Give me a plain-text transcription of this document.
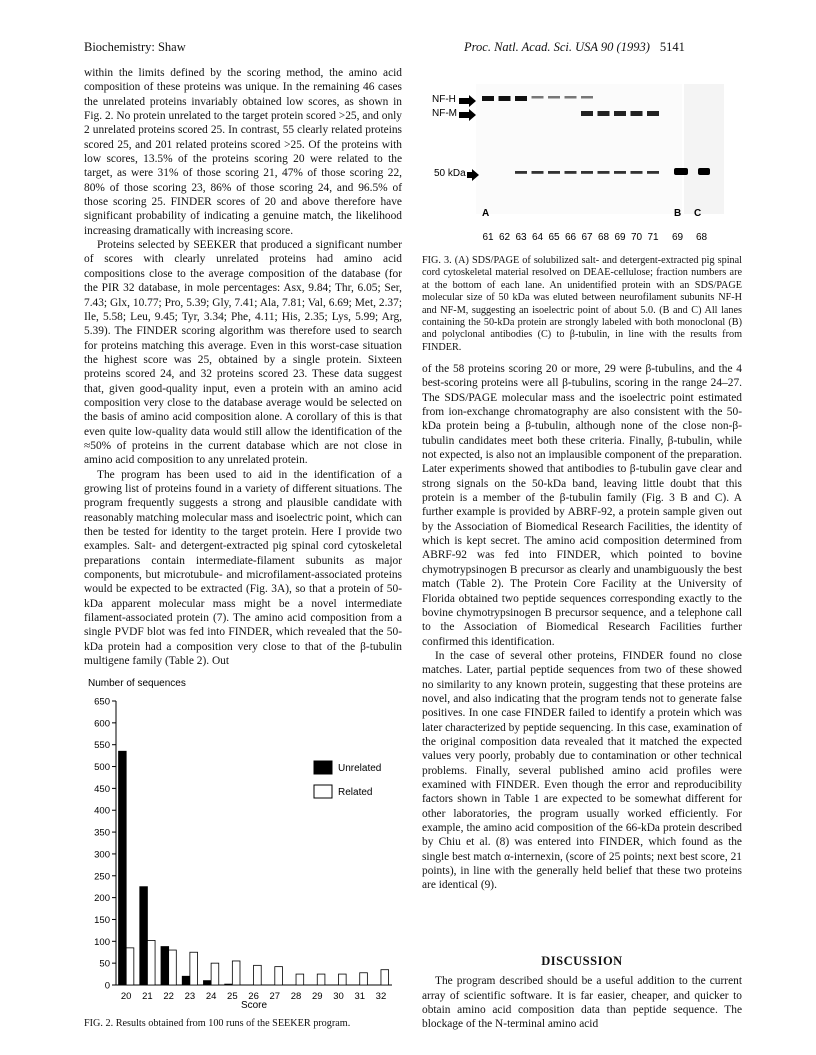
Biochemistry: Shaw	Proc. Natl. Acad. Sci. USA 90 (1993) 5141

within the limits defined by the scoring method, the amino acid composition of these proteins was unique. In the remaining 46 cases the unrelated proteins invariably obtained low scores, as shown in Fig. 2. No protein unrelated to the target protein scored >25, and only 2 unrelated proteins scored 25. In contrast, 55 clearly related proteins scored 25, and 201 related proteins scored >25. Of the proteins with low scores, 13.5% of the proteins scoring 20 were related to the target, as were 31% of those scoring 21, 47% of those scoring 22, 80% of those scoring 23, 86% of those scoring 24, and 96.5% of those scoring 25. FINDER scores of 20 and above therefore have significant probability of indicating a genuine match, the likelihood increasing dramatically with increasing score.

Proteins selected by SEEKER that produced a significant number of scores with clearly unrelated proteins had amino acid compositions close to the average composition of the database (for the PIR 32 database, in mole percentages: Asx, 9.84; Thr, 6.05; Ser, 7.43; Glx, 10.77; Pro, 5.39; Gly, 7.41; Ala, 7.81; Val, 6.69; Met, 2.37; Ile, 5.58; Leu, 9.45; Tyr, 3.34; Phe, 4.11; His, 2.35; Lys, 5.99; Arg, 5.39). The FINDER scoring algorithm was therefore used to search for proteins matching this average. Even in this worst-case situation the highest score was 25, obtained by a single protein. Sixteen proteins scored 24, and 32 proteins scored 23. These data suggest that, given good-quality input, even a protein with an amino acid composition very close to the database average would be selected on the basis of amino acid composition alone. A corollary of this is that even quite low-quality data would still allow the identification of the ≈50% of proteins in the current database which are not close in amino acid composition to any unrelated protein.

The program has been used to aid in the identification of a growing list of proteins found in a variety of different situations. The program frequently suggests a strong and plausible candidate with reasonably matching molecular mass and isoelectric point, which can then be tested for identity to the target protein. Here I provide two examples. Salt- and detergent-extracted pig spinal cord cytoskeletal preparations contain intermediate-filament subunits as major components, but microtubule- and microfilament-associated proteins would be expected to be extracted (Fig. 3A), so that a protein of 50-kDa apparent molecular mass might be a novel intermediate filament-associated protein (7). The amino acid composition from a single PVDF blot was fed into FINDER, which revealed that the 50-kDa protein had a composition very close to that of the β-tubulin multigene family (Table 2). Out

Number of sequences
0
50
100
150
200
250
300
350
400
450
500
550
600
650
20 21 22 23 24 25 26 27 28 29 30 31 32
Score
Unrelated
Related
FIG. 2. Results obtained from 100 runs of the SEEKER program.
NF-H
NF-M
50 kDa
A	B C
61 62 63 64 65 66 67 68 69 70 71 69 68
FIG. 3. (A) SDS/PAGE of solubilized salt- and detergent-extracted pig spinal cord cytoskeletal material resolved on DEAE-cellulose; fraction numbers are at the bottom of each lane. An unidentified protein with an SDS/PAGE molecular size of 50 kDa was eluted between neurofilament subunits NF-H and NF-M, suggesting an isoelectric point of about 5.0. (B and C) All lanes containing the 50-kDa protein are strongly labeled with both monoclonal (B) and polyclonal antibodies (C) to β-tubulin, in line with the results from FINDER.

of the 58 proteins scoring 20 or more, 29 were β-tubulins, and the 4 best-scoring proteins were all β-tubulins, scoring in the range 24–27. The SDS/PAGE molecular mass and the isoelectric point estimated from ion-exchange chromatography are also consistent with the 50-kDa protein being a β-tubulin, although none of the close non-β-tubulin candidates meet both these criteria. Finally, β-tubulin, while not expected, is also not an implausible component of the preparation. Later experiments showed that antibodies to β-tubulin gave clear and strong signals on the 50-kDa band, leaving little doubt that this protein is a member of the β-tubulin family (Fig. 3 B and C). A further example is provided by ABRF-92, a protein sample given out by the Association of Biomedical Research Facilities, the identity of which is kept secret. The amino acid composition determined from ABRF-92 was fed into FINDER, which pointed to bovine chymotrypsinogen B precursor as clearly and unambiguously the best match (Table 2). The Protein Core Facility at the University of Florida obtained two peptide sequences corresponding exactly to the bovine chymotrypsinogen B precursor sequence, and a telephone call to the Association of Biomedical Research Facilities further confirmed this identification.

In the case of several other proteins, FINDER found no close matches. Later, partial peptide sequences from two of these showed no similarity to any known protein, suggesting that these proteins are novel, and also indicating that the program tends not to generate false positives. In one case FINDER failed to identify a protein which was later characterized by peptide sequencing. In this case, examination of the original composition data revealed that it matched the expected values very poorly, probably due to contamination or other technical problems. Finally, several published amino acid profiles were examined with FINDER. Even though the error and reproducibility factors shown in Table 1 are expected to be somewhat different for other laboratories, the program usually worked efficiently. For example, the amino acid composition of the 66-kDa protein described by Chiu et al. (8) was entered into FINDER, which found as the single best match α-internexin, (score of 25 points; next best score, 21 points), in line with the generally held belief that these two proteins are identical (9).

DISCUSSION

The program described should be a useful addition to the current array of scientific software. It is far easier, cheaper, and quicker to obtain amino acid composition data than peptide sequence. The blockage of the N-terminal amino acid
